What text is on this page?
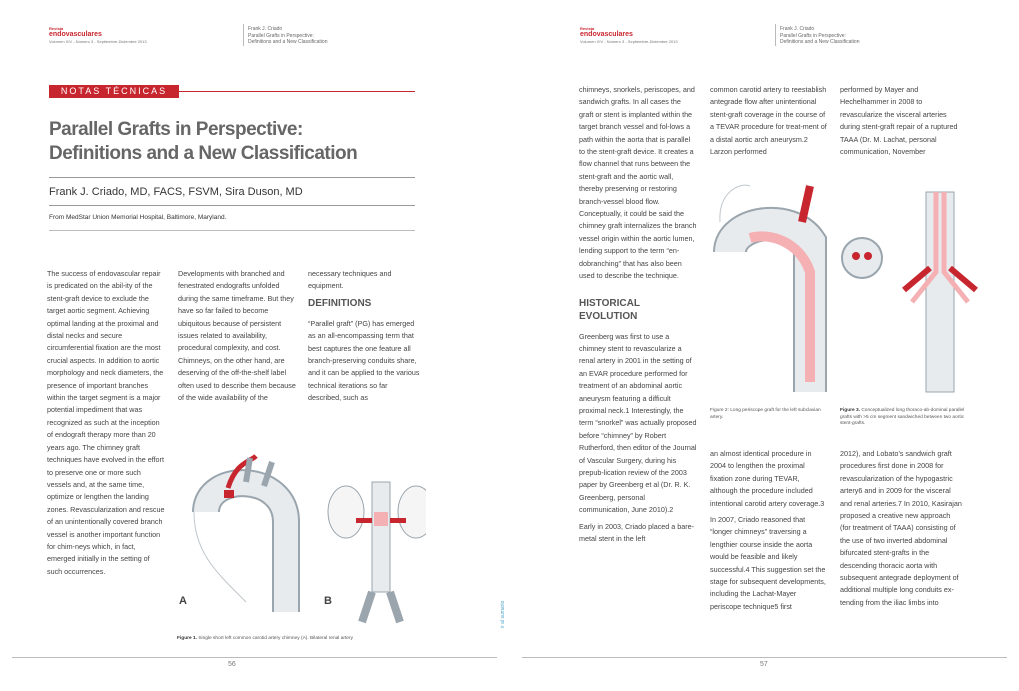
Revista
endovasculares
Volumen XIV - Número 3 - Septiembre-Diciembre 2013
Frank J. Criado
Parallel Grafts in Perspective:
Definitions and a New Classification
NOTAS TÉCNICAS
Parallel Grafts in Perspective:
Definitions and a New Classification
Frank J. Criado, MD, FACS, FSVM, Sira Duson, MD
From MedStar Union Memorial Hospital, Baltimore, Maryland.

The success of endovascular repair is predicated on the abil-ity of the stent-graft device to exclude the target aortic segment. Achieving optimal landing at the proximal and distal necks and secure circumferential fixation are the most crucial aspects. In addition to aortic morphology and neck diameters, the presence of important branches within the target segment is a major potential impediment that was recognized as such at the inception of endograft therapy more than 20 years ago. The chimney graft techniques have evolved in the effort to preserve one or more such vessels and, at the same time, optimize or lengthen the landing zones. Revascularization and rescue of an unintentionally covered branch vessel is another important function for chim-neys which, in fact, emerged initially in the setting of such occurrences.

Developments with branched and fenestrated endografts unfolded during the same timeframe. But they have so far failed to become ubiquitous because of persistent issues related to availability, procedural complexity, and cost. Chimneys, on the other hand, are deserving of the off-the-shelf label often used to describe them because of the wide availability of the

necessary techniques and equipment.

DEFINITIONS

“Parallel graft” (PG) has emerged as an all-encompassing term that best captures the one feature all branch-preserving conduits share, and it can be applied to the various technical iterations so far described, such as

A	B
Figure 1. Single short left common carotid artery chimney (A). Bilateral renal artery
56
ir al sumario
Revista
endovasculares
Volumen XIV - Número 3 - Septiembre-Diciembre 2013
Frank J. Criado
Parallel Grafts in Perspective:
Definitions and a New Classification

chimneys, snorkels, periscopes, and sandwich grafts. In all cases the graft or stent is implanted within the target branch vessel and fol-lows a path within the aorta that is parallel to the stent-graft device. It creates a flow channel that runs between the stent-graft and the aortic wall, thereby preserving or restoring branch-vessel blood flow. Conceptually, it could be said the chimney graft internalizes the branch vessel origin within the aortic lumen, lending support to the term “en-dobranching” that has also been used to describe the technique.

HISTORICAL EVOLUTION

Greenberg was first to use a chimney stent to revascularize a renal artery in 2001 in the setting of an EVAR procedure performed for treatment of an abdominal aortic aneurysm featuring a difficult proximal neck.1 Interestingly, the term “snorkel” was actually proposed before “chimney” by Robert Rutherford, then editor of the Journal of Vascular Surgery, during his prepub-lication review of the 2003 paper by Greenberg et al (Dr. R. K. Greenberg, personal communication, June 2010).2

Early in 2003, Criado placed a bare-metal stent in the left

common carotid artery to reestablish antegrade flow after unintentional stent-graft coverage in the course of a TEVAR procedure for treat-ment of a distal aortic arch aneurysm.2 Larzon performed

performed by Mayer and Hechelhammer in 2008 to revascularize the visceral arteries during stent-graft repair of a ruptured TAAA (Dr. M. Lachat, personal communication, November

Figure 2: Long periscope graft for the left subclavian artery.
Figure 3. Conceptualized long thoraco-ab-dominal parallel grafts with >5 cm segment sandwiched between two aortic stent-grafts.

an almost identical procedure in 2004 to lengthen the proximal fixation zone during TEVAR, although the procedure included intentional carotid artery coverage.3

In 2007, Criado reasoned that “longer chimneys” traversing a lengthier course inside the aorta would be feasible and likely successful.4 This suggestion set the stage for subsequent developments, including the Lachat-Mayer periscope technique5 first

2012), and Lobato’s sandwich graft procedures first done in 2008 for revascularization of the hypogastric artery6 and in 2009 for the visceral and renal arteries.7 In 2010, Kasirajan proposed a creative new approach (for treatment of TAAA) consisting of the use of two inverted abdominal bifurcated stent-grafts in the descending thoracic aorta with subsequent antegrade deployment of additional multiple long conduits ex-tending from the iliac limbs into

57
